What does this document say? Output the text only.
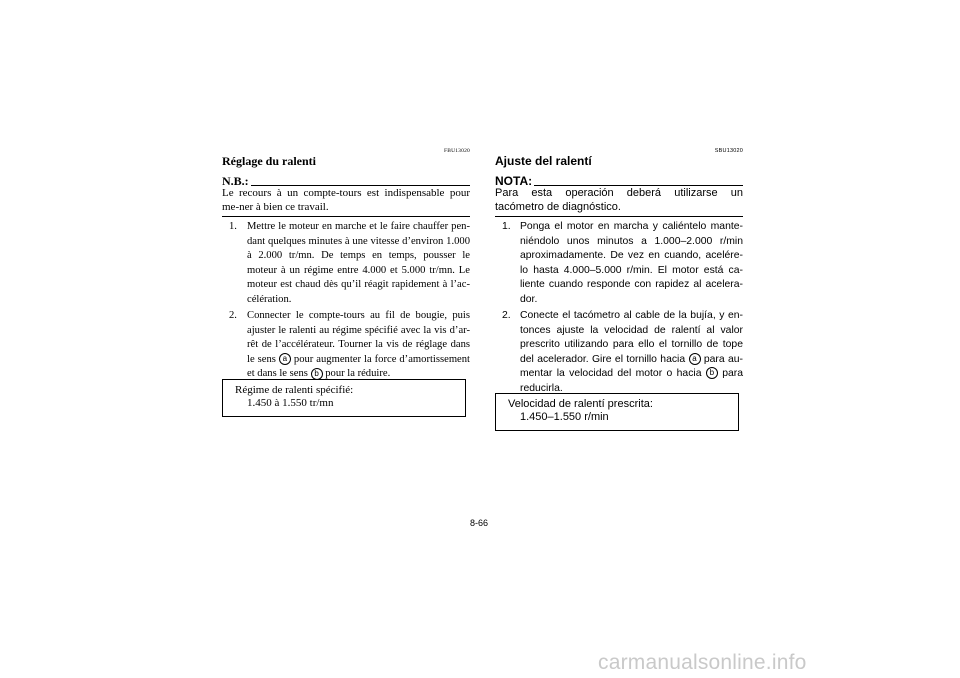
FBU13020
Réglage du ralenti
N.B.:
Le recours à un compte-tours est indispensable pour me-ner à bien ce travail.

1. Mettre le moteur en marche et le faire chauffer pen-dant quelques minutes à une vitesse d’environ 1.000 à 2.000 tr/mn. De temps en temps, pousser le moteur à un régime entre 4.000 et 5.000 tr/mn. Le moteur est chaud dès qu’il réagit rapidement à l’ac-célération.

2. Connecter le compte-tours au fil de bougie, puis ajuster le ralenti au régime spécifié avec la vis d’ar-rêt de l’accélérateur. Tourner la vis de réglage dans le sens a pour augmenter la force d’amortissement et dans le sens b pour la réduire.

Régime de ralenti spécifié:
1.450 à 1.550 tr/mn
SBU13020
Ajuste del ralentí
NOTA:
Para esta operación deberá utilizarse un tacómetro de diagnóstico.

1. Ponga el motor en marcha y caliéntelo mante-niéndolo unos minutos a 1.000–2.000 r/min aproximadamente. De vez en cuando, acelére-lo hasta 4.000–5.000 r/min. El motor está ca-liente cuando responde con rapidez al acelera-dor.

2. Conecte el tacómetro al cable de la bujía, y en-tonces ajuste la velocidad de ralentí al valor prescrito utilizando para ello el tornillo de tope del acelerador. Gire el tornillo hacia a para au-mentar la velocidad del motor o hacia b para reducirla.

Velocidad de ralentí prescrita:
1.450–1.550 r/min
8-66
carmanualsonline.info
